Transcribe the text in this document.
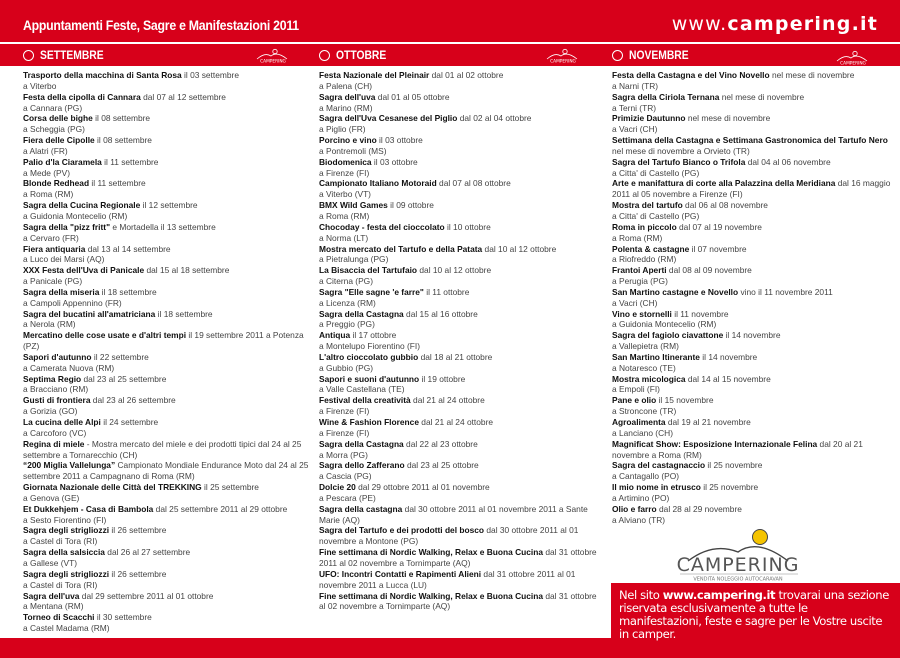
Appuntamenti Feste, Sagre e Manifestazioni 2011	www.campering.it
SETTEMBRE	CAMPERING	OTTOBRE	CAMPERING	NOVEMBRE
CAMPERING
Trasporto della macchina di Santa Rosa il 03 settembre
a Viterbo
Festa della cipolla di Cannara dal 07 al 12 settembre
a Cannara (PG)
Corsa delle bighe il 08 settembre
a Scheggia (PG)
Fiera delle Cipolle il 08 settembre
a Alatri (FR)
Palio d'la Ciaramela il 11 settembre
a Mede (PV)
Blonde Redhead il 11 settembre
a Roma (RM)
Sagra della Cucina Regionale il 12 settembre
a Guidonia Montecelio (RM)
Sagra della "pizz fritt" e Mortadella il 13 settembre
a Cervaro (FR)
Fiera antiquaria dal 13 al 14 settembre
a Luco dei Marsi (AQ)
XXX Festa dell'Uva di Panicale dal 15 al 18 settembre
a Panicale (PG)
Sagra della miseria il 18 settembre
a Campoli Appennino (FR)
Sagra del bucatini all'amatriciana il 18 settembre
a Nerola (RM)
Mercatino delle cose usate e d'altri tempi il 19 settembre 2011 a Potenza (PZ)
Sapori d'autunno il 22 settembre
a Camerata Nuova (RM)
Septima Regio dal 23 al 25 settembre
a Bracciano (RM)
Gusti di frontiera dal 23 al 26 settembre
a Gorizia (GO)
La cucina delle Alpi il 24 settembre
a Carcoforo (VC)
Regina di miele - Mostra mercato del miele e dei prodotti tipici dal 24 al 25 settembre a Tornarecchio (CH)
“200 Miglia Vallelunga” Campionato Mondiale Endurance Moto dal 24 al 25 settembre 2011 a Campagnano di Roma (RM)
Giornata Nazionale delle Città del TREKKING il 25 settembre
a Genova (GE)
Et Dukkehjem - Casa di Bambola dal 25 settembre 2011 al 29 ottobre
a Sesto Fiorentino (FI)
Sagra degli strigliozzi il 26 settembre
a Castel di Tora (RI)
Sagra della salsiccia dal 26 al 27 settembre
a Gallese (VT)
Sagra degli strigliozzi il 26 settembre
a Castel di Tora (RI)
Sagra dell'uva dal 29 settembre 2011 al 01 ottobre
a Mentana (RM)
Torneo di Scacchi il 30 settembre
a Castel Madama (RM)
Festa Nazionale del Pleinair dal 01 al 02 ottobre
a Palena (CH)
Sagra dell'uva dal 01 al 05 ottobre
a Marino (RM)
Sagra dell'Uva Cesanese del Piglio dal 02 al 04 ottobre
a Piglio (FR)
Porcino e vino il 03 ottobre
a Pontremoli (MS)
Biodomenica il 03 ottobre
a Firenze (FI)
Campionato Italiano Motoraid dal 07 al 08 ottobre
a Viterbo (VT)
BMX Wild Games il 09 ottobre
a Roma (RM)
Chocoday - festa del cioccolato il 10 ottobre
a Norma (LT)
Mostra mercato del Tartufo e della Patata dal 10 al 12 ottobre
a Pietralunga (PG)
La Bisaccia del Tartufaio dal 10 al 12 ottobre
a Citerna (PG)
Sagra "Elle sagne 'e farre" il 11 ottobre
a Licenza (RM)
Sagra della Castagna dal 15 al 16 ottobre
a Preggio (PG)
Antiqua il 17 ottobre
a Montelupo Fiorentino (FI)
L'altro cioccolato gubbio dal 18 al 21 ottobre
a Gubbio (PG)
Sapori e suoni d'autunno il 19 ottobre
a Valle Castellana (TE)
Festival della creatività dal 21 al 24 ottobre
a Firenze (FI)
Wine & Fashion Florence dal 21 al 24 ottobre
a Firenze (FI)
Sagra della Castagna dal 22 al 23 ottobre
a Morra (PG)
Sagra dello Zafferano dal 23 al 25 ottobre
a Cascia (PG)
Dolcie 20 dal 29 ottobre 2011 al 01 novembre
a Pescara (PE)
Sagra della castagna dal 30 ottobre 2011 al 01 novembre 2011 a Sante Marie (AQ)
Sagra del Tartufo e dei prodotti del bosco dal 30 ottobre 2011 al 01 novembre a Montone (PG)
Fine settimana di Nordic Walking, Relax e Buona Cucina dal 31 ottobre 2011 al 02 novembre a Tornimparte (AQ)
UFO: Incontri Contatti e Rapimenti Alieni dal 31 ottobre 2011 al 01 novembre 2011 a Lucca (LU)
Fine settimana di Nordic Walking, Relax e Buona Cucina dal 31 ottobre al 02 novembre a Tornimparte (AQ)
Festa della Castagna e del Vino Novello nel mese di novembre
a Narni (TR)
Sagra della Ciriola Ternana nel mese di novembre
a Terni (TR)
Primizie Dautunno nel mese di novembre
a Vacri (CH)
Settimana della Castagna e Settimana Gastronomica del Tartufo Nero nel mese di novembre a Orvieto (TR)
Sagra del Tartufo Bianco o Trifola dal 04 al 06 novembre
a Citta' di Castello (PG)
Arte e manifattura di corte alla Palazzina della Meridiana dal 16 maggio 2011 al 05 novembre a Firenze (FI)
Mostra del tartufo dal 06 al 08 novembre
a Citta' di Castello (PG)
Roma in piccolo dal 07 al 19 novembre
a Roma (RM)
Polenta & castagne il 07 novembre
a Riofreddo (RM)
Frantoi Aperti dal 08 al 09 novembre
a Perugia (PG)
San Martino castagne e Novello vino il 11 novembre 2011
a Vacri (CH)
Vino e stornelli il 11 novembre
a Guidonia Montecelio (RM)
Sagra del fagiolo ciavattone il 14 novembre
a Vallepietra (RM)
San Martino Itinerante il 14 novembre
a Notaresco (TE)
Mostra micologica dal 14 al 15 novembre
a Empoli (FI)
Pane e olio il 15 novembre
a Stroncone (TR)
Agroalimenta dal 19 al 21 novembre
a Lanciano (CH)
Magnificat Show: Esposizione Internazionale Felina dal 20 al 21 novembre a Roma (RM)
Sagra del castagnaccio il 25 novembre
a Cantagallo (PO)
Il mio nome in etrusco il 25 novembre
a Artimino (PO)
Olio e farro dal 28 al 29 novembre
a Alviano (TR)
CAMPERING
VENDITA NOLEGGIO AUTOCARAVAN
Nel sito www.campering.it trovarai una sezione riservata esclusivamente a tutte le manifestazioni, feste e sagre per le Vostre uscite in camper.
